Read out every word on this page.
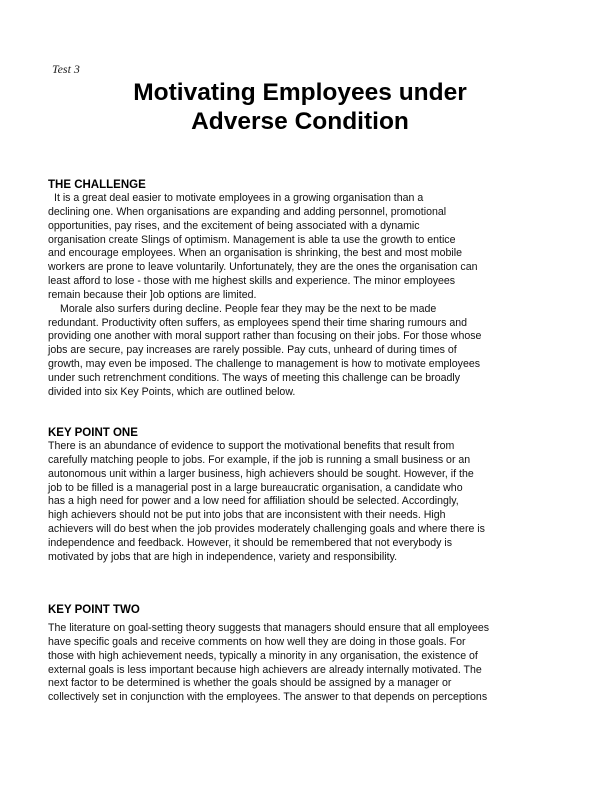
Test 3
Motivating Employees under
Adverse Condition
THE CHALLENGE
It is a great deal easier to motivate employees in a growing organisation than a
declining one. When organisations are expanding and adding personnel, promotional
opportunities, pay rises, and the excitement of being associated with a dynamic
organisation create Slings of optimism. Management is able ta use the growth to entice
and encourage employees. When an organisation is shrinking, the best and most mobile
workers are prone to leave voluntarily. Unfortunately, they are the ones the organisation can
least afford to lose - those with me highest skills and experience. The minor employees
remain because their ]ob options are limited.
Morale also surfers during decline. People fear they may be the next to be made
redundant. Productivity often suffers, as employees spend their time sharing rumours and
providing one another with moral support rather than focusing on their jobs. For those whose
jobs are secure, pay increases are rarely possible. Pay cuts, unheard of during times of
growth, may even be imposed. The challenge to management is how to motivate employees
under such retrenchment conditions. The ways of meeting this challenge can be broadly
divided into six Key Points, which are outlined below.
KEY POINT ONE
There is an abundance of evidence to support the motivational benefits that result from
carefully matching people to jobs. For example, if the job is running a small business or an
autonomous unit within a larger business, high achievers should be sought. However, if the
job to be filled is a managerial post in a large bureaucratic organisation, a candidate who
has a high need for power and a low need for affiliation should be selected. Accordingly,
high achievers should not be put into jobs that are inconsistent with their needs. High
achievers will do best when the job provides moderately challenging goals and where there is
independence and feedback. However, it should be remembered that not everybody is
motivated by jobs that are high in independence, variety and responsibility.
KEY POINT TWO
The literature on goal-setting theory suggests that managers should ensure that all employees
have specific goals and receive comments on how well they are doing in those goals. For
those with high achievement needs, typically a minority in any organisation, the existence of
external goals is less important because high achievers are already internally motivated. The
next factor to be determined is whether the goals should be assigned by a manager or
collectively set in conjunction with the employees. The answer to that depends on perceptions
